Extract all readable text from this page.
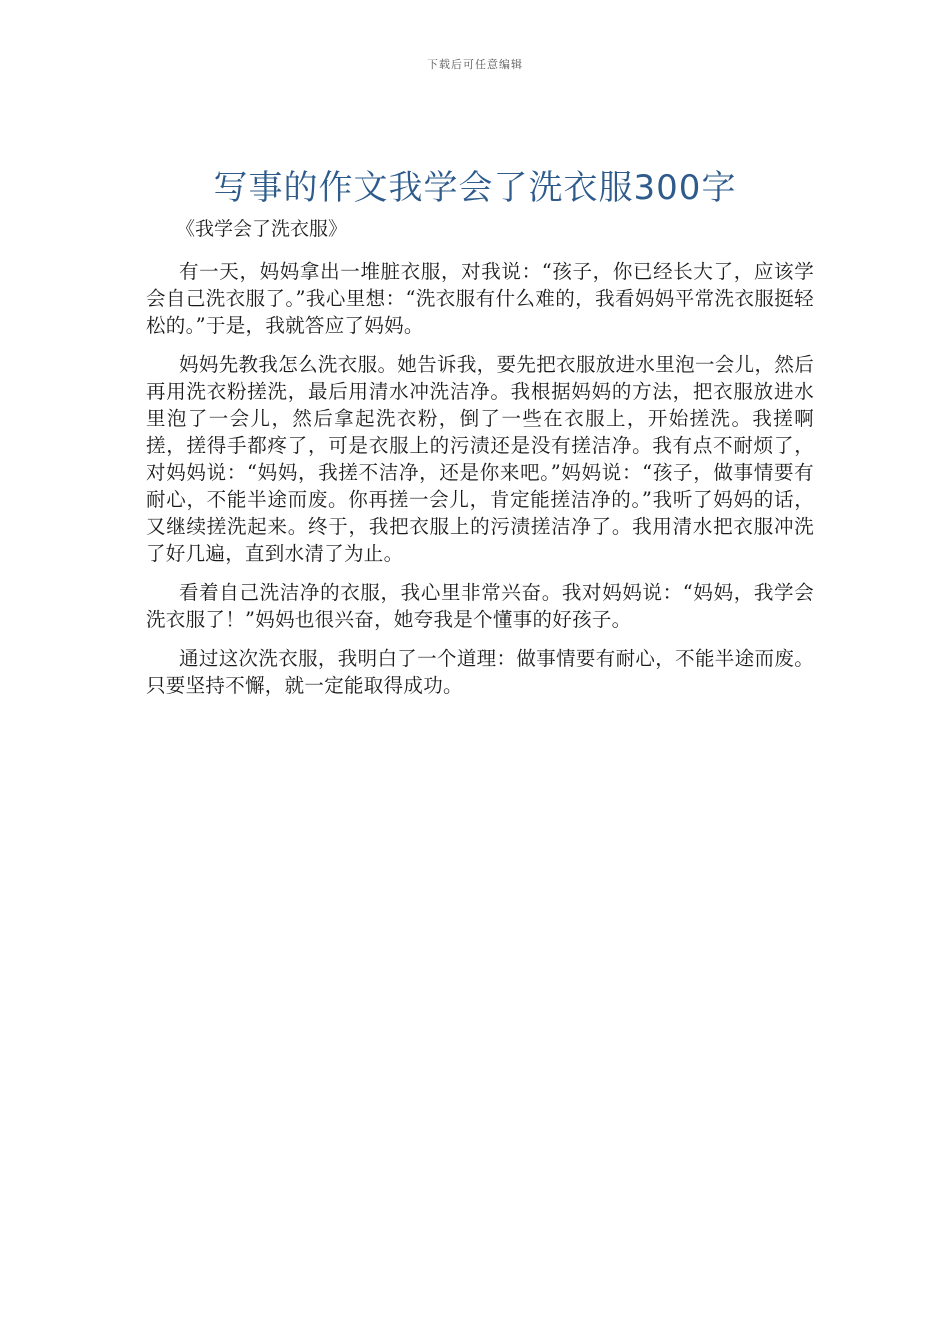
下载后可任意编辑
写事的作文我学会了洗衣服300字

《我学会了洗衣服》

有一天，妈妈拿出一堆脏衣服，对我说：“孩子，你已经长大了，应该学会自己洗衣服了。”我心里想：“洗衣服有什么难的，我看妈妈平常洗衣服挺轻松的。”于是，我就答应了妈妈。

妈妈先教我怎么洗衣服。她告诉我，要先把衣服放进水里泡一会儿，然后再用洗衣粉搓洗，最后用清水冲洗洁净。我根据妈妈的方法，把衣服放进水里泡了一会儿，然后拿起洗衣粉，倒了一些在衣服上，开始搓洗。我搓啊搓，搓得手都疼了，可是衣服上的污渍还是没有搓洁净。我有点不耐烦了，对妈妈说：“妈妈，我搓不洁净，还是你来吧。”妈妈说：“孩子，做事情要有耐心，不能半途而废。你再搓一会儿，肯定能搓洁净的。”我听了妈妈的话，又继续搓洗起来。终于，我把衣服上的污渍搓洁净了。我用清水把衣服冲洗了好几遍，直到水清了为止。

看着自己洗洁净的衣服，我心里非常兴奋。我对妈妈说：“妈妈，我学会洗衣服了！”妈妈也很兴奋，她夸我是个懂事的好孩子。

通过这次洗衣服，我明白了一个道理：做事情要有耐心，不能半途而废。只要坚持不懈，就一定能取得成功。
